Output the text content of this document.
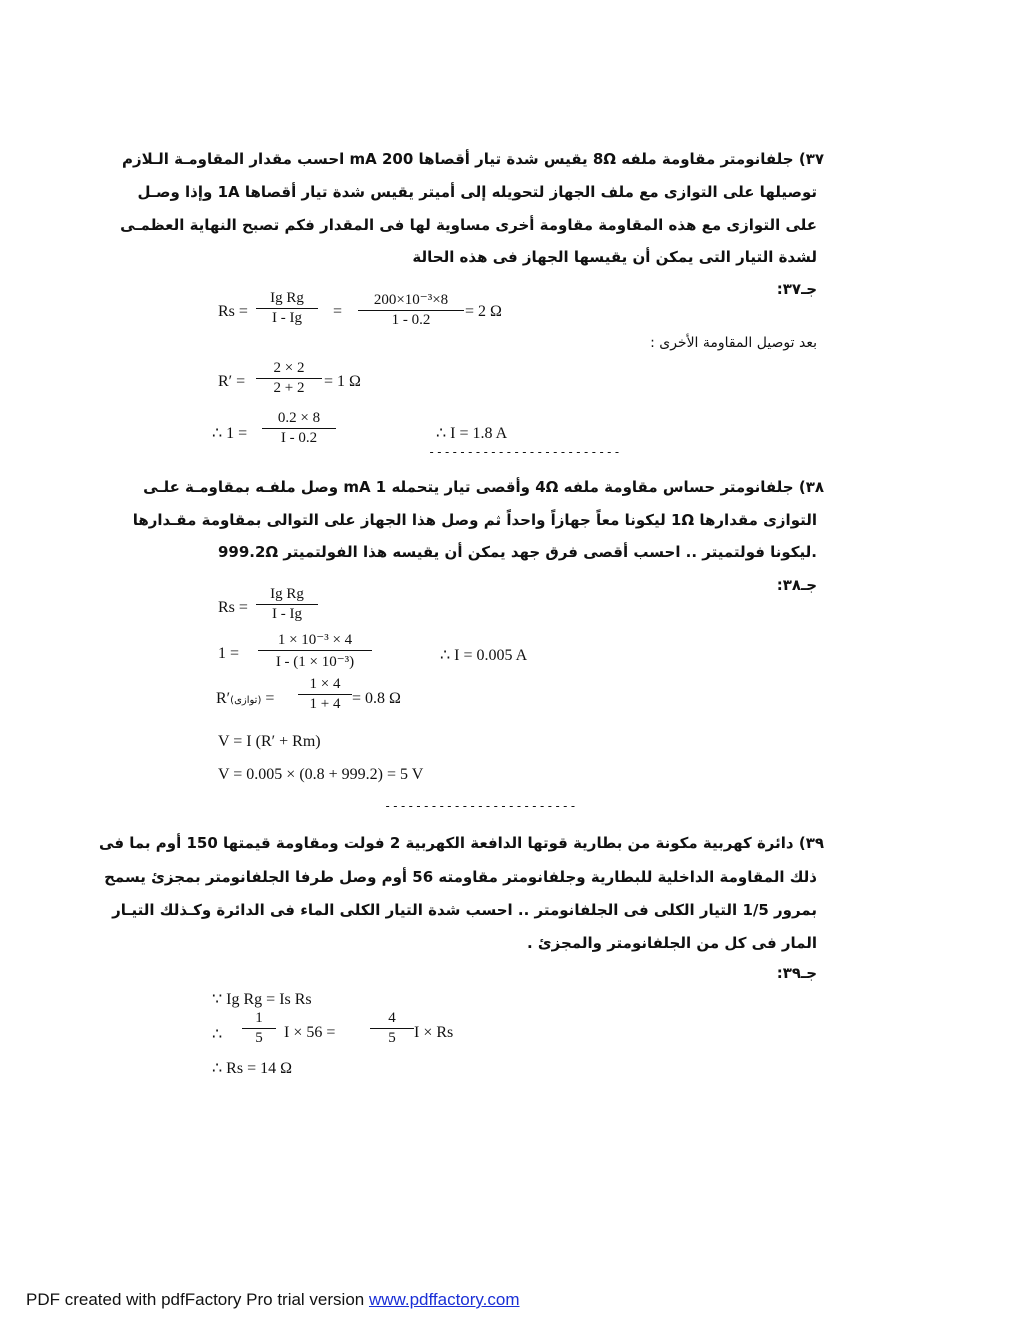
٣٧) جلفانومتر مقاومة ملفه 8Ω يقيس شدة تيار أقصاها 200 mA احسب مقدار المقاومـة الـلازم
توصيلها على التوازى مع ملف الجهاز لتحويله إلى أميتر يقيس شدة تيار أقصاها 1A وإذا وصـل
على التوازى مع هذه المقاومة مقاومة أخرى مساوية لها فى المقدار فكم تصبح النهاية العظمـى
لشدة التيار التى يمكن أن يقيسها الجهاز فى هذه الحالة
جـ٣٧:
$Rs = \frac{\text{Ig Rg}}{I - Ig} = \frac{\text{200×10⁻³×8}}{1 - 0.2} = 2$ Ω
بعد توصيل المقاومة الأخرى :
$R' = \frac{2 \times 2}{2 + 2} = 1$ Ω
∴ $1 = \frac{0.2 \times 8}{I - 0.2}$	∴ I = 1.8 A
-------------------------
٣٨) جلفانومتر حساس مقاومة ملفه 4Ω وأقصى تيار يتحمله 1 mA وصل ملفـه بمقاومـة علـى
التوازى مقدارها 1Ω ليكونا معاً جهازاً واحداً ثم وصل هذا الجهاز على التوالى بمقاومة مقـدارها
999.2Ω ليكونا فولتميتر .. احسب أقصى فرق جهد يمكن أن يقيسه هذا الفولتميتر.
جـ٣٨:
$Rs = \frac{\text{Ig Rg}}{I - Ig}$
$1 = \frac{\text{1 × 10⁻³ × 4}}{\text{I - (1 × 10⁻³)}}$	∴ I = 0.005 A
R′(توازى) = $\frac{1 \times 4}{1 + 4} = 0.8$ Ω
V = I (R′ + Rm)
V = 0.005 × (0.8 + 999.2) = 5 V
-------------------------
٣٩) دائرة كهربية مكونة من بطارية قوتها الدافعة الكهربية 2 فولت ومقاومة قيمتها 150 أوم بما فى
ذلك المقاومة الداخلية للبطارية وجلفانومتر مقاومته 56 أوم وصل طرفا الجلفانومتر بمجزئ يسمح
بمرور 1/5 التيار الكلى فى الجلفانومتر .. احسب شدة التيار الكلى الماء فى الدائرة وكـذلك التيـار
المار فى كل من الجلفانومتر والمجزئ .
جـ٣٩:
∵ Ig Rg = Is Rs
∴ $\frac{1}{5}$ $I \times 56 = \frac{4}{5}$ I × Rs
∴ Rs = 14 Ω
PDF created with pdfFactory Pro trial version www.pdffactory.com
